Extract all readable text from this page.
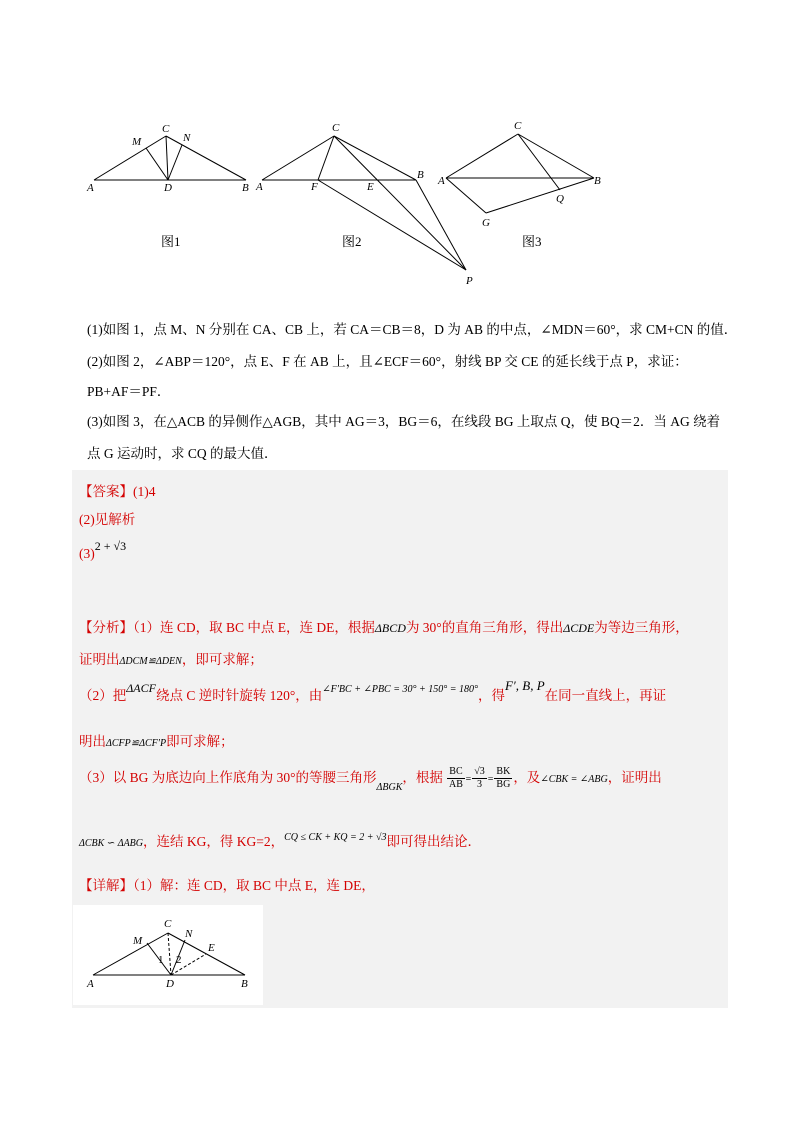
C
M	N
A	D	B
图1
C
B
A	F	E
P
图2
C
A	B
G
Q
图3
(1)如图 1，点 M、N 分别在 CA、CB 上，若 CA＝CB＝8，D 为 AB 的中点，∠MDN＝60°，求 CM+CN 的值．
(2)如图 2，∠ABP＝120°，点 E、F 在 AB 上，且∠ECF＝60°，射线 BP 交 CE 的延长线于点 P，求证：
PB+AF＝PF．
(3)如图 3，在△ACB 的异侧作△AGB，其中 AG＝3，BG＝6，在线段 BG 上取点 Q，使 BQ＝2．当 AG 绕着
点 G 运动时，求 CQ 的最大值．
【答案】(1)4
(2)见解析
(3)2 + √3
【分析】（1）连 CD，取 BC 中点 E，连 DE，根据ΔBCD为 30°的直角三角形，得出ΔCDE为等边三角形，
证明出ΔDCM≌ΔDEN，即可求解；
（2）把ΔACF绕点 C 逆时针旋转 120°，由$^{\angle F'BC + \angle PBC = 30^\circ + 150^\circ = 180^\circ}$，得F′, B, P在同一直线上，再证
明出ΔCFP≌ΔCF′P即可求解；
（3）以 BG 为底边向上作底角为 30°的等腰三角形$_{\Delta BGK}$，根据 $\frac{BC}{AB} = \frac{√3}{3} = \frac{BK}{BG}$ ，及∠CBK = ∠ABG，证明出
ΔCBK ∽ ΔABG，连结 KG，得 KG=2，$^{CQ \le CK + KQ = 2 + √3}$即可得出结论．
【详解】（1）解：连 CD，取 BC 中点 E，连 DE，
C
M
N
E
1 2
A	D	B
